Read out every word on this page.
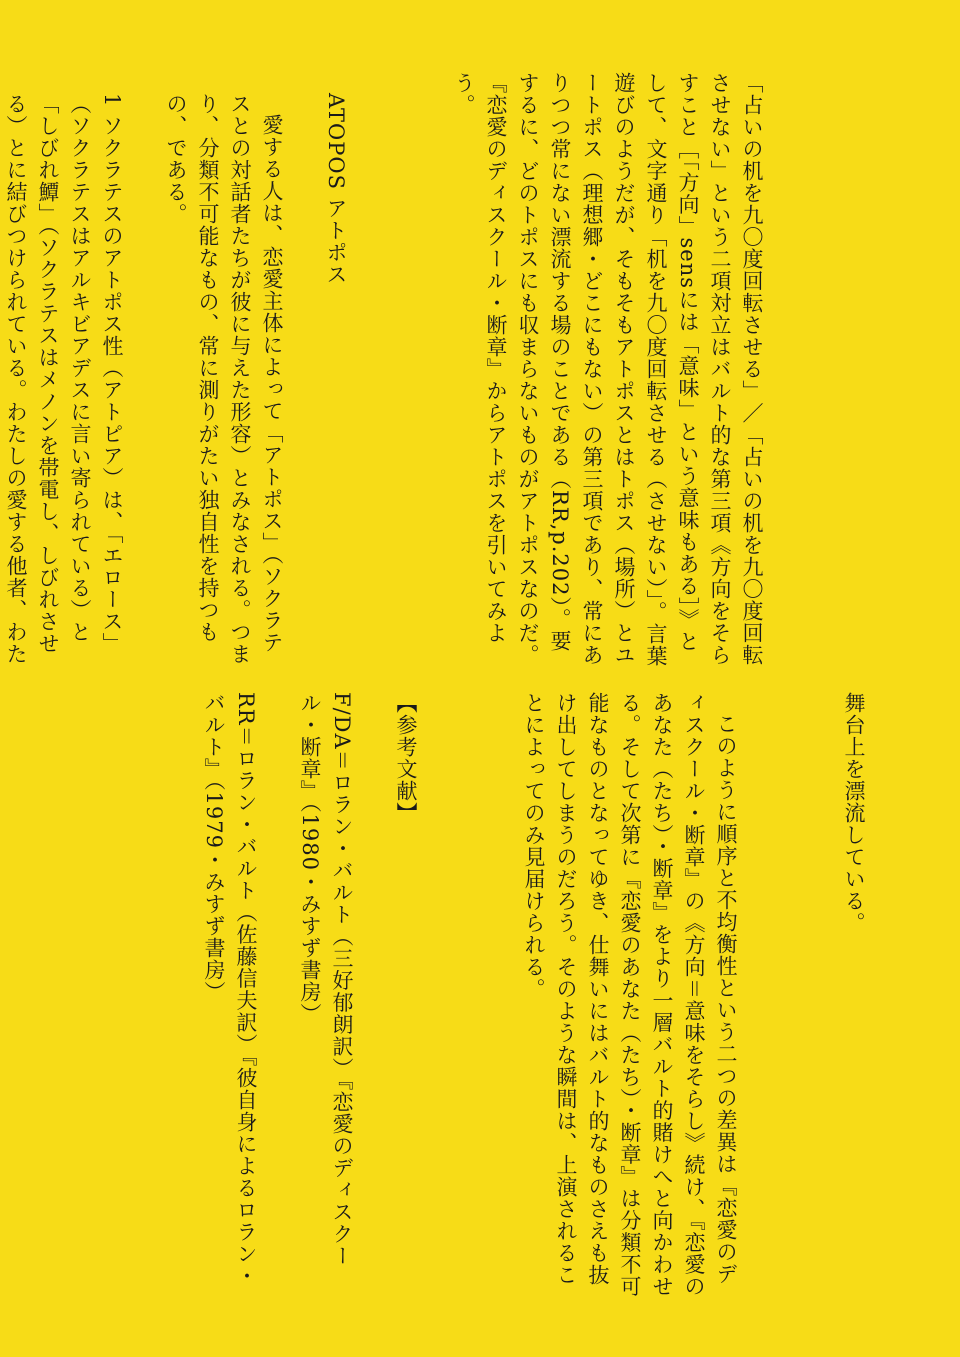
「占いの机を九〇度回転させる」／「占いの机を九〇度回転させない」という二項対立はバルト的な第三項《方向をそらすこと［「方向」sensには「意味」という意味もある］》として、文字通り「机を九〇度回転させる（させない）」。言葉遊びのようだが、そもそもアトポスとはトポス（場所）とユートポス（理想郷・どこにもない）の第三項であり、常にありつつ常にない漂流する場のことである（RR,p.202）。要するに、どのトポスにも収まらないものがアトポスなのだ。『恋愛のディスクール・断章』からアトポスを引いてみよう。

ATOPOS アトポス

愛する人は、恋愛主体によって「アトポス」（ソクラテスとの対話者たちが彼に与えた形容）とみなされる。つまり、分類不可能なもの、常に測りがたい独自性を持つもの、である。

1 ソクラテスのアトポス性（アトピア）は、「エロース」（ソクラテスはアルキビアデスに言い寄られている）と「しびれ鱏」（ソクラテスはメノンを帯電し、しびれさせる）とに結びつけられている。わたしの愛する他者、わた

舞台上を漂流している。

このように順序と不均衡性という二つの差異は『恋愛のディスクール・断章』の《方向＝意味をそらし》続け、『恋愛のあなた（たち）・断章』をより一層バルト的賭けへと向かわせる。そして次第に『恋愛のあなた（たち）・断章』は分類不可能なものとなってゆき、仕舞いにはバルト的なものさえも抜け出してしまうのだろう。そのような瞬間は、上演されることによってのみ見届けられる。

【参考文献】

F/DA＝ロラン・バルト（三好郁朗訳）『恋愛のディスクール・断章』（1980・みすず書房）

RR＝ロラン・バルト（佐藤信夫訳）『彼自身によるロラン・バルト』（1979・みすず書房）
